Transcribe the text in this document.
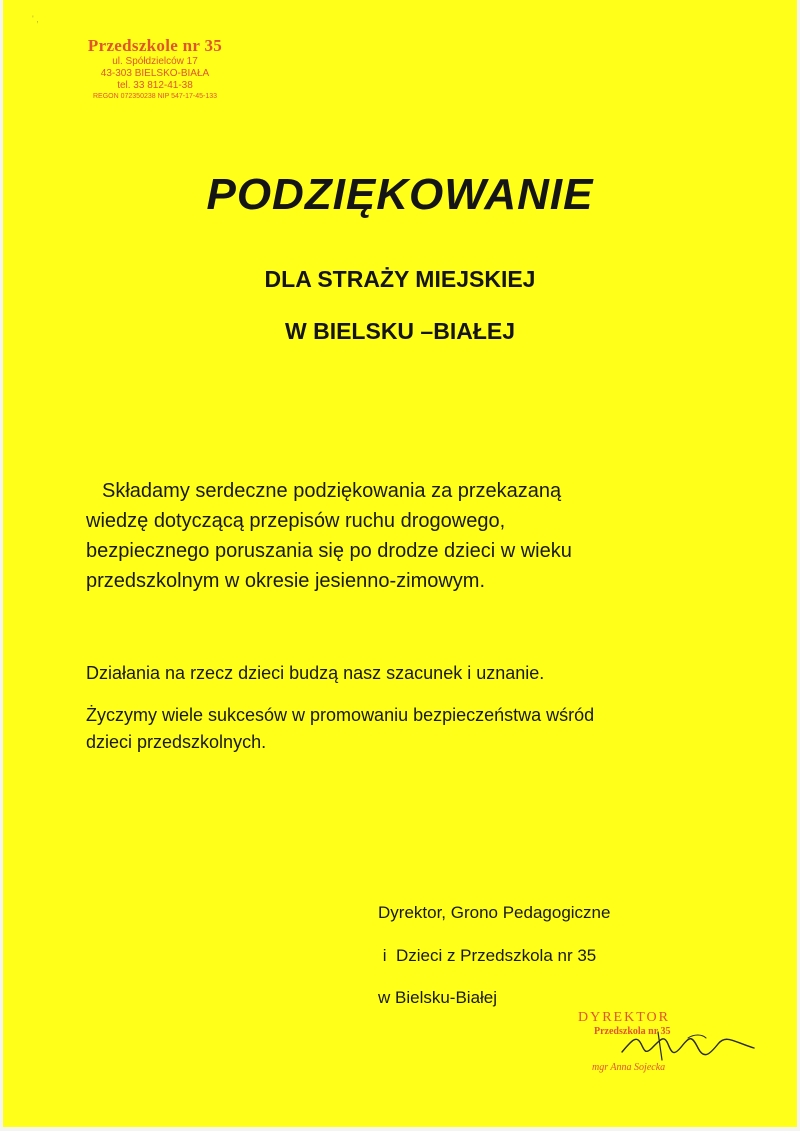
' ,
Przedszkole nr 35
ul. Spółdzielców 17
43-303 BIELSKO-BIAŁA
tel. 33 812-41-38
REGON 072350238 NIP 547-17-45-133
PODZIĘKOWANIE
DLA STRAŻY MIEJSKIEJ
W BIELSKU –BIAŁEJ
Składamy serdeczne podziękowania za przekazaną
wiedzę dotyczącą przepisów ruchu drogowego,
bezpiecznego poruszania się po drodze dzieci w wieku
przedszkolnym w okresie jesienno-zimowym.
Działania na rzecz dzieci budzą nasz szacunek i uznanie.
Życzymy wiele sukcesów w promowaniu bezpieczeństwa wśród
dzieci przedszkolnych.
Dyrektor, Grono Pedagogiczne
i  Dzieci z Przedszkola nr 35
w Bielsku-Białej
DYREKTOR
Przedszkola nr 35
mgr Anna Sojecka
